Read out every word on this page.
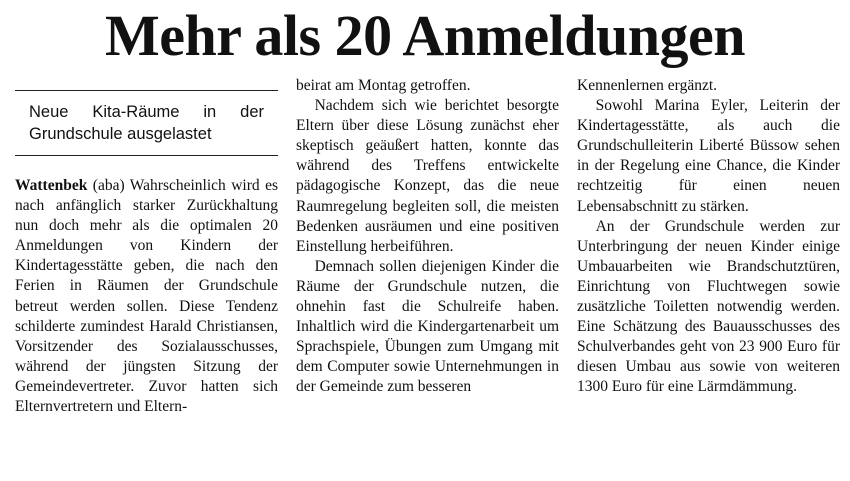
Mehr als 20 Anmeldungen

Neue Kita-Räume in der Grundschule ausgelastet

Wattenbek (aba) Wahrscheinlich wird es nach anfänglich starker Zurückhaltung nun doch mehr als die optimalen 20 Anmeldungen von Kindern der Kindertagesstätte geben, die nach den Ferien in Räumen der Grundschule betreut werden sollen. Diese Tendenz schilderte zumindest Harald Christiansen, Vorsitzender des Sozialausschusses, während der jüngsten Sitzung der Gemeindevertreter. Zuvor hatten sich Elternvertretern und Eltern-

beirat am Montag getroffen.

Nachdem sich wie berichtet besorgte Eltern über diese Lösung zunächst eher skeptisch geäußert hatten, konnte das während des Treffens entwickelte pädagogische Konzept, das die neue Raumregelung begleiten soll, die meisten Bedenken ausräumen und eine positiven Einstellung herbeiführen.

Demnach sollen diejenigen Kinder die Räume der Grundschule nutzen, die ohnehin fast die Schulreife haben. Inhaltlich wird die Kindergartenarbeit um Sprachspiele, Übungen zum Umgang mit dem Computer sowie Unternehmungen in der Gemeinde zum besseren

Kennenlernen ergänzt.

Sowohl Marina Eyler, Leiterin der Kindertagesstätte, als auch die Grundschulleiterin Liberté Büssow sehen in der Regelung eine Chance, die Kinder rechtzeitig für einen neuen Lebensabschnitt zu stärken.

An der Grundschule werden zur Unterbringung der neuen Kinder einige Umbauarbeiten wie Brandschutztüren, Einrichtung von Fluchtwegen sowie zusätzliche Toiletten notwendig werden. Eine Schätzung des Bauausschusses des Schulverbandes geht von 23 900 Euro für diesen Umbau aus sowie von weiteren 1300 Euro für eine Lärmdämmung.
